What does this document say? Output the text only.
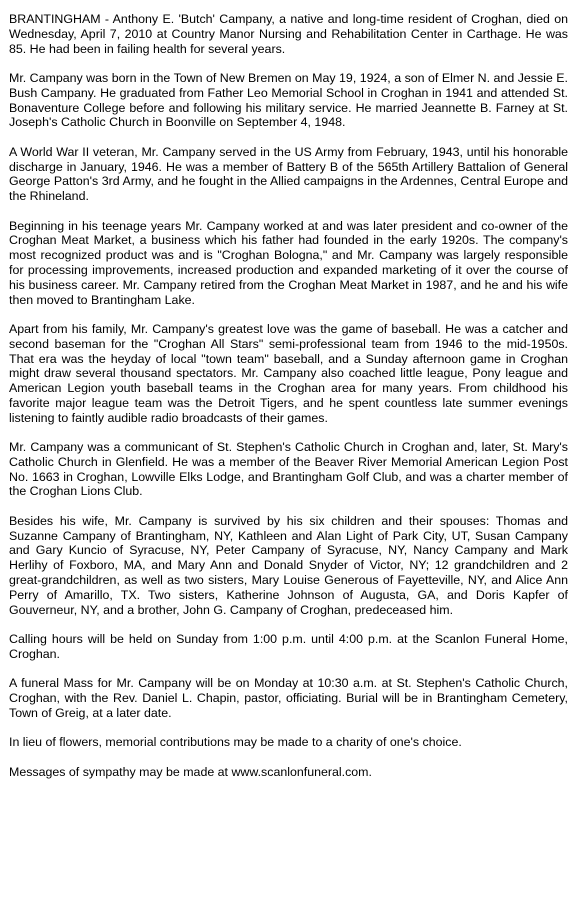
BRANTINGHAM - Anthony E. 'Butch' Campany, a native and long-time resident of Croghan, died on Wednesday, April 7, 2010 at Country Manor Nursing and Rehabilitation Center in Carthage. He was 85. He had been in failing health for several years.

Mr. Campany was born in the Town of New Bremen on May 19, 1924, a son of Elmer N. and Jessie E. Bush Campany. He graduated from Father Leo Memorial School in Croghan in 1941 and attended St. Bonaventure College before and following his military service. He married Jeannette B. Farney at St. Joseph's Catholic Church in Boonville on September 4, 1948.

A World War II veteran, Mr. Campany served in the US Army from February, 1943, until his honorable discharge in January, 1946. He was a member of Battery B of the 565th Artillery Battalion of General George Patton's 3rd Army, and he fought in the Allied campaigns in the Ardennes, Central Europe and the Rhineland.

Beginning in his teenage years Mr. Campany worked at and was later president and co-owner of the Croghan Meat Market, a business which his father had founded in the early 1920s. The company's most recognized product was and is "Croghan Bologna," and Mr. Campany was largely responsible for processing improvements, increased production and expanded marketing of it over the course of his business career. Mr. Campany retired from the Croghan Meat Market in 1987, and he and his wife then moved to Brantingham Lake.

Apart from his family, Mr. Campany's greatest love was the game of baseball. He was a catcher and second baseman for the "Croghan All Stars" semi-professional team from 1946 to the mid-1950s. That era was the heyday of local "town team" baseball, and a Sunday afternoon game in Croghan might draw several thousand spectators. Mr. Campany also coached little league, Pony league and American Legion youth baseball teams in the Croghan area for many years. From childhood his favorite major league team was the Detroit Tigers, and he spent countless late summer evenings listening to faintly audible radio broadcasts of their games.

Mr. Campany was a communicant of St. Stephen's Catholic Church in Croghan and, later, St. Mary's Catholic Church in Glenfield. He was a member of the Beaver River Memorial American Legion Post No. 1663 in Croghan, Lowville Elks Lodge, and Brantingham Golf Club, and was a charter member of the Croghan Lions Club.

Besides his wife, Mr. Campany is survived by his six children and their spouses: Thomas and Suzanne Campany of Brantingham, NY, Kathleen and Alan Light of Park City, UT, Susan Campany and Gary Kuncio of Syracuse, NY, Peter Campany of Syracuse, NY, Nancy Campany and Mark Herlihy of Foxboro, MA, and Mary Ann and Donald Snyder of Victor, NY; 12 grandchildren and 2 great-grandchildren, as well as two sisters, Mary Louise Generous of Fayetteville, NY, and Alice Ann Perry of Amarillo, TX. Two sisters, Katherine Johnson of Augusta, GA, and Doris Kapfer of Gouverneur, NY, and a brother, John G. Campany of Croghan, predeceased him.

Calling hours will be held on Sunday from 1:00 p.m. until 4:00 p.m. at the Scanlon Funeral Home, Croghan.

A funeral Mass for Mr. Campany will be on Monday at 10:30 a.m. at St. Stephen's Catholic Church, Croghan, with the Rev. Daniel L. Chapin, pastor, officiating. Burial will be in Brantingham Cemetery, Town of Greig, at a later date.

In lieu of flowers, memorial contributions may be made to a charity of one's choice.

Messages of sympathy may be made at www.scanlonfuneral.com.
